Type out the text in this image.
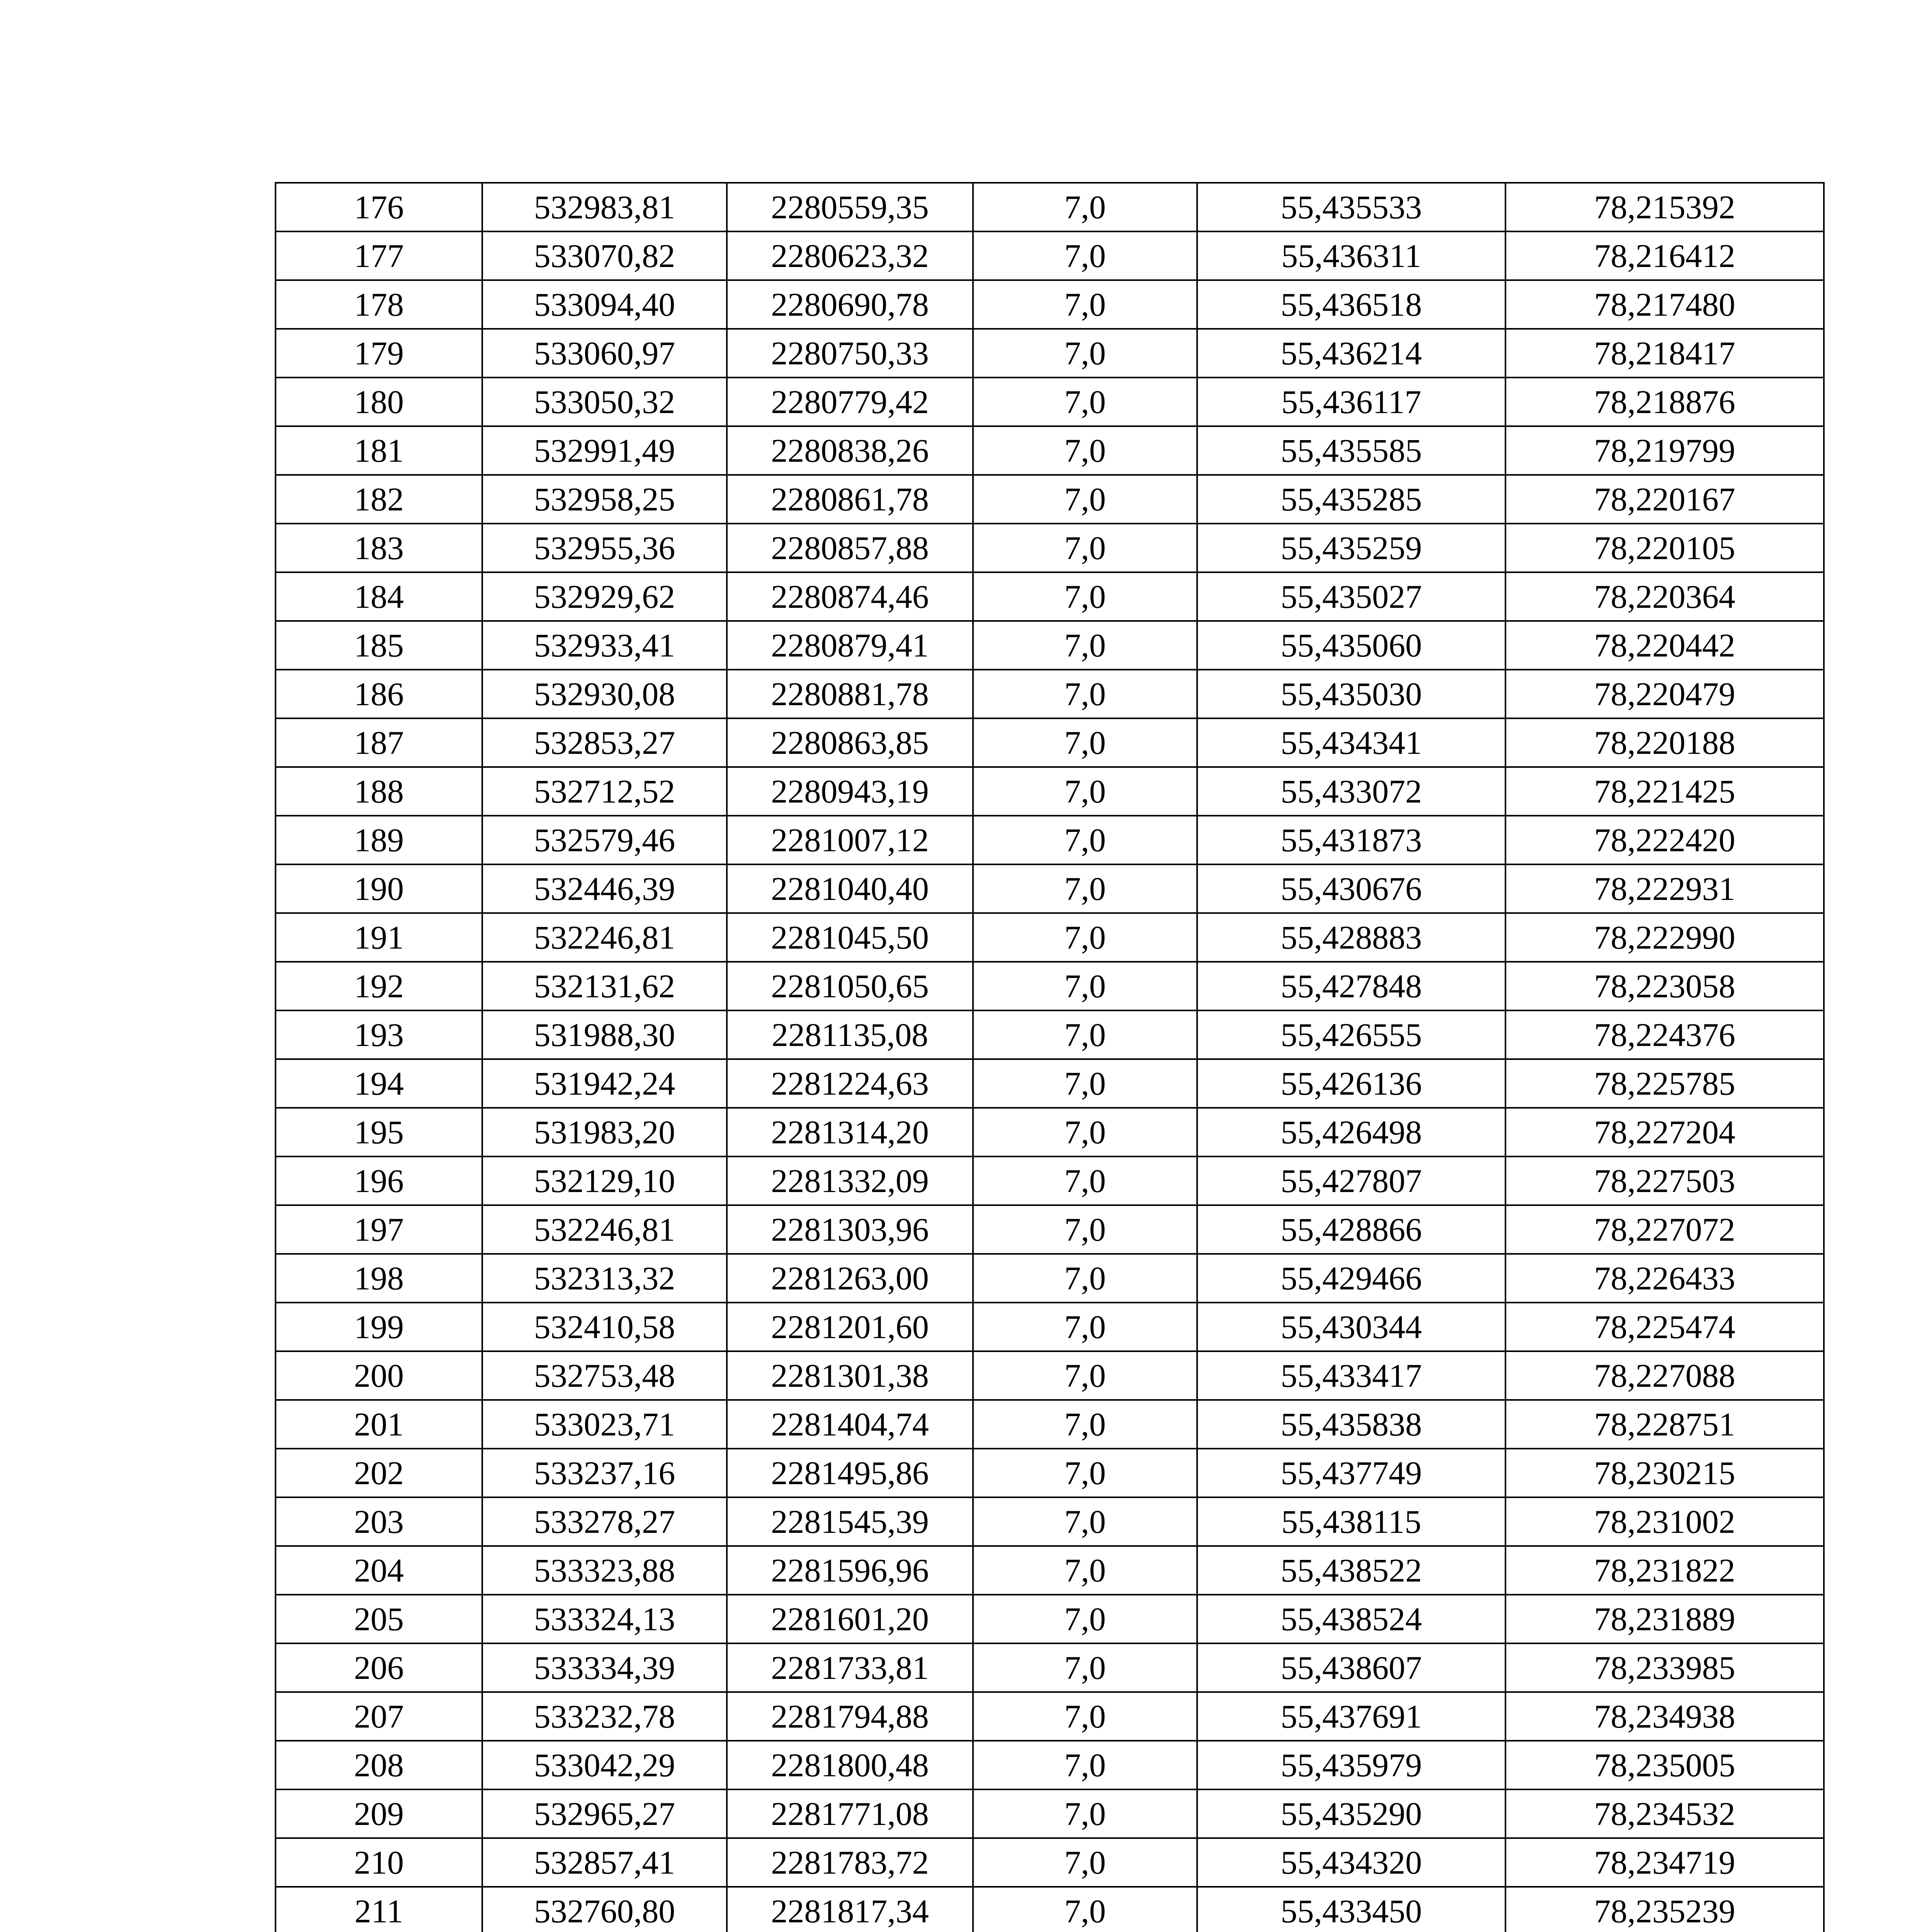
176	532983,81	2280559,35	7,0	55,435533	78,215392
177	533070,82	2280623,32	7,0	55,436311	78,216412
178	533094,40	2280690,78	7,0	55,436518	78,217480
179	533060,97	2280750,33	7,0	55,436214	78,218417
180	533050,32	2280779,42	7,0	55,436117	78,218876
181	532991,49	2280838,26	7,0	55,435585	78,219799
182	532958,25	2280861,78	7,0	55,435285	78,220167
183	532955,36	2280857,88	7,0	55,435259	78,220105
184	532929,62	2280874,46	7,0	55,435027	78,220364
185	532933,41	2280879,41	7,0	55,435060	78,220442
186	532930,08	2280881,78	7,0	55,435030	78,220479
187	532853,27	2280863,85	7,0	55,434341	78,220188
188	532712,52	2280943,19	7,0	55,433072	78,221425
189	532579,46	2281007,12	7,0	55,431873	78,222420
190	532446,39	2281040,40	7,0	55,430676	78,222931
191	532246,81	2281045,50	7,0	55,428883	78,222990
192	532131,62	2281050,65	7,0	55,427848	78,223058
193	531988,30	2281135,08	7,0	55,426555	78,224376
194	531942,24	2281224,63	7,0	55,426136	78,225785
195	531983,20	2281314,20	7,0	55,426498	78,227204
196	532129,10	2281332,09	7,0	55,427807	78,227503
197	532246,81	2281303,96	7,0	55,428866	78,227072
198	532313,32	2281263,00	7,0	55,429466	78,226433
199	532410,58	2281201,60	7,0	55,430344	78,225474
200	532753,48	2281301,38	7,0	55,433417	78,227088
201	533023,71	2281404,74	7,0	55,435838	78,228751
202	533237,16	2281495,86	7,0	55,437749	78,230215
203	533278,27	2281545,39	7,0	55,438115	78,231002
204	533323,88	2281596,96	7,0	55,438522	78,231822
205	533324,13	2281601,20	7,0	55,438524	78,231889
206	533334,39	2281733,81	7,0	55,438607	78,233985
207	533232,78	2281794,88	7,0	55,437691	78,234938
208	533042,29	2281800,48	7,0	55,435979	78,235005
209	532965,27	2281771,08	7,0	55,435290	78,234532
210	532857,41	2281783,72	7,0	55,434320	78,234719
211	532760,80	2281817,34	7,0	55,433450	78,235239
